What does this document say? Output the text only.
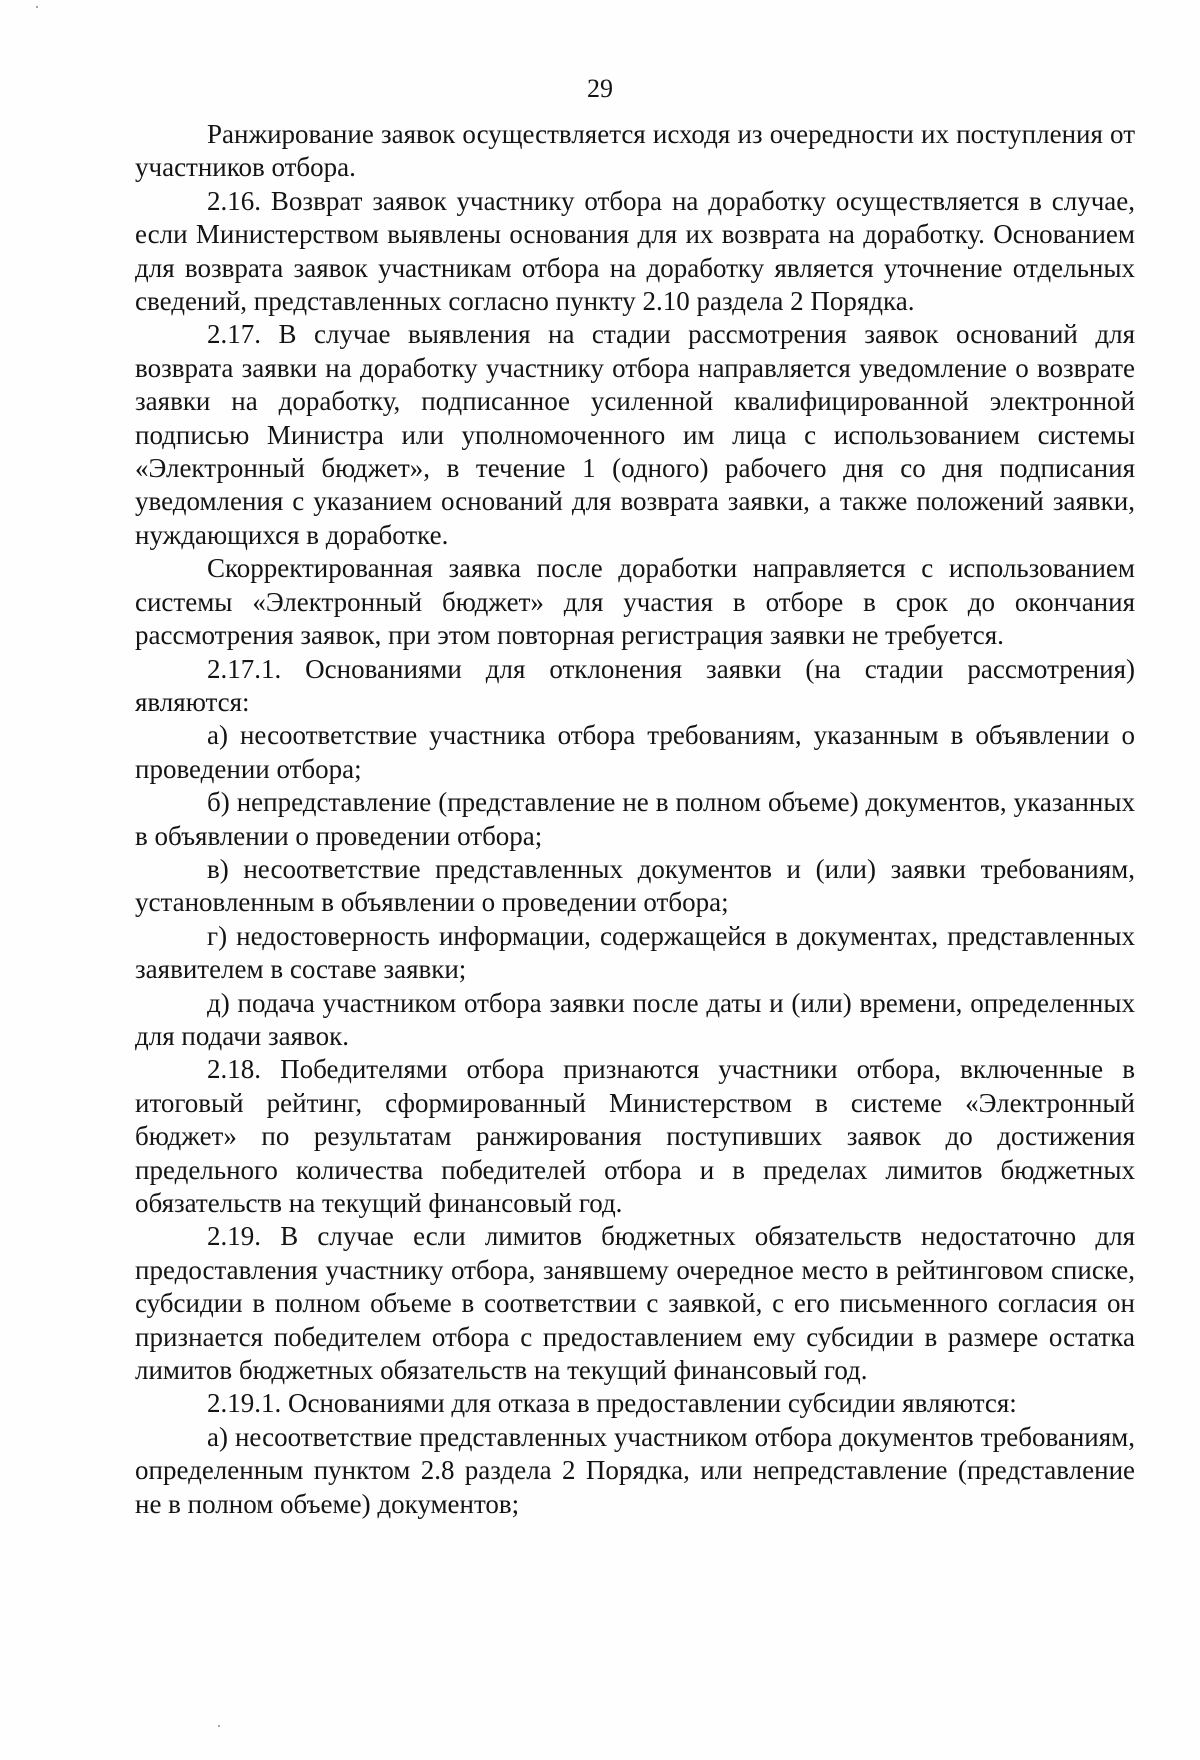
29

Ранжирование заявок осуществляется исходя из очередности их поступления от участников отбора.

2.16. Возврат заявок участнику отбора на доработку осуществляется в случае, если Министерством выявлены основания для их возврата на доработку. Основанием для возврата заявок участникам отбора на доработку является уточнение отдельных сведений, представленных согласно пункту 2.10 раздела 2 Порядка.

2.17. В случае выявления на стадии рассмотрения заявок оснований для возврата заявки на доработку участнику отбора направляется уведомление о возврате заявки на доработку, подписанное усиленной квалифицированной электронной подписью Министра или уполномоченного им лица с использованием системы «Электронный бюджет», в течение 1 (одного) рабочего дня со дня подписания уведомления с указанием оснований для возврата заявки, а также положений заявки, нуждающихся в доработке.

Скорректированная заявка после доработки направляется с использованием системы «Электронный бюджет» для участия в отборе в срок до окончания рассмотрения заявок, при этом повторная регистрация заявки не требуется.

2.17.1. Основаниями для отклонения заявки (на стадии рассмотрения) являются:

а) несоответствие участника отбора требованиям, указанным в объявлении о проведении отбора;

б) непредставление (представление не в полном объеме) документов, указанных в объявлении о проведении отбора;

в) несоответствие представленных документов и (или) заявки требованиям, установленным в объявлении о проведении отбора;

г) недостоверность информации, содержащейся в документах, представленных заявителем в составе заявки;

д) подача участником отбора заявки после даты и (или) времени, определенных для подачи заявок.

2.18. Победителями отбора признаются участники отбора, включенные в итоговый рейтинг, сформированный Министерством в системе «Электронный бюджет» по результатам ранжирования поступивших заявок до достижения предельного количества победителей отбора и в пределах лимитов бюджетных обязательств на текущий финансовый год.

2.19. В случае если лимитов бюджетных обязательств недостаточно для предоставления участнику отбора, занявшему очередное место в рейтинговом списке, субсидии в полном объеме в соответствии с заявкой, с его письменного согласия он признается победителем отбора с предоставлением ему субсидии в размере остатка лимитов бюджетных обязательств на текущий финансовый год.

2.19.1. Основаниями для отказа в предоставлении субсидии являются:

а) несоответствие представленных участником отбора документов требованиям, определенным пунктом 2.8 раздела 2 Порядка, или непредставление (представление не в полном объеме) документов;
